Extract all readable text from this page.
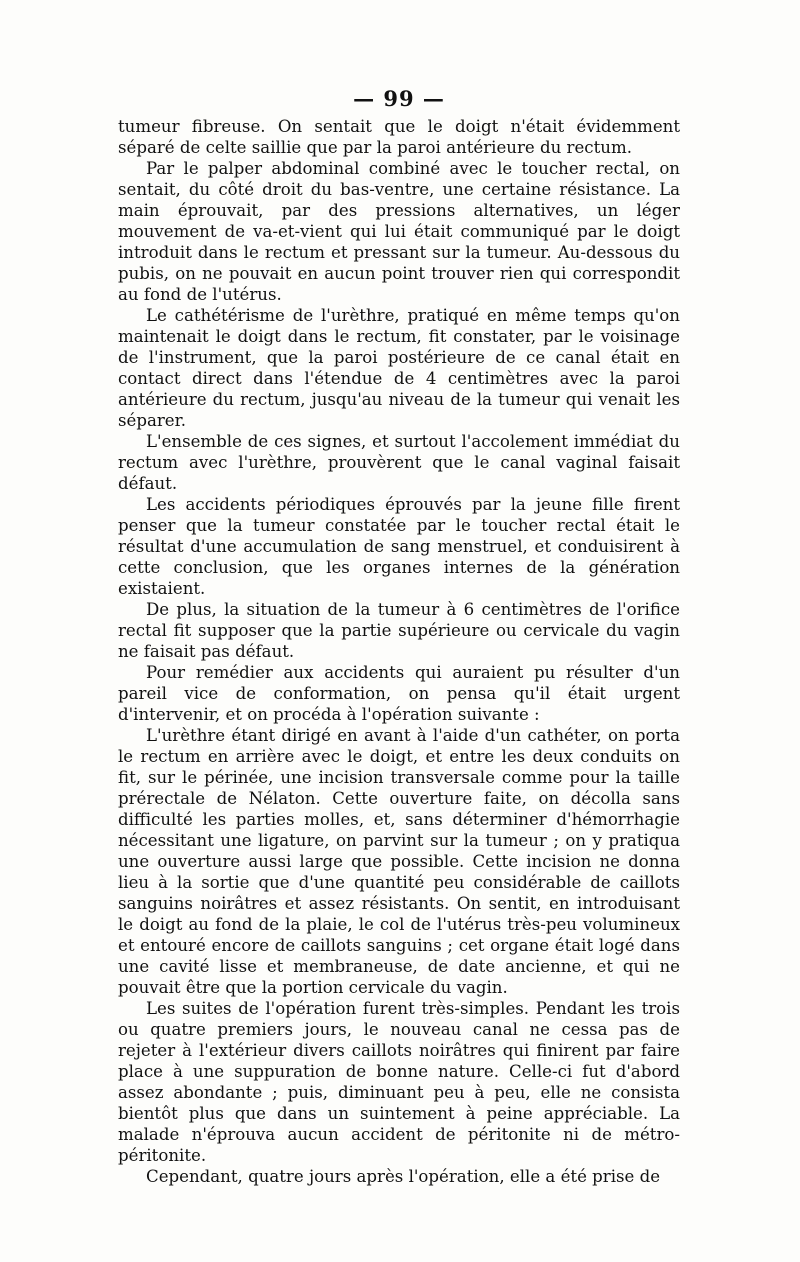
— 99 —

tumeur fibreuse. On sentait que le doigt n'était évidemment séparé de celte saillie que par la paroi antérieure du rectum.

Par le palper abdominal combiné avec le toucher rectal, on sentait, du côté droit du bas-ventre, une certaine résistance. La main éprouvait, par des pressions alternatives, un léger mouvement de va-et-vient qui lui était communiqué par le doigt introduit dans le rectum et pressant sur la tumeur. Au-dessous du pubis, on ne pouvait en aucun point trouver rien qui correspondit au fond de l'utérus.

Le cathétérisme de l'urèthre, pratiqué en même temps qu'on maintenait le doigt dans le rectum, fit constater, par le voisinage de l'instrument, que la paroi postérieure de ce canal était en contact direct dans l'étendue de 4 centimètres avec la paroi antérieure du rectum, jusqu'au niveau de la tumeur qui venait les séparer.

L'ensemble de ces signes, et surtout l'accolement immédiat du rectum avec l'urèthre, prouvèrent que le canal vaginal faisait défaut.

Les accidents périodiques éprouvés par la jeune fille firent penser que la tumeur constatée par le toucher rectal était le résultat d'une accumulation de sang menstruel, et conduisirent à cette conclusion, que les organes internes de la génération existaient.

De plus, la situation de la tumeur à 6 centimètres de l'orifice rectal fit supposer que la partie supérieure ou cervicale du vagin ne faisait pas défaut.

Pour remédier aux accidents qui auraient pu résulter d'un pareil vice de conformation, on pensa qu'il était urgent d'intervenir, et on procéda à l'opération suivante :

L'urèthre étant dirigé en avant à l'aide d'un cathéter, on porta le rectum en arrière avec le doigt, et entre les deux conduits on fit, sur le périnée, une incision transversale comme pour la taille prérectale de Nélaton. Cette ouverture faite, on décolla sans difficulté les parties molles, et, sans déterminer d'hémorrhagie nécessitant une ligature, on parvint sur la tumeur ; on y pratiqua une ouverture aussi large que possible. Cette incision ne donna lieu à la sortie que d'une quantité peu considérable de caillots sanguins noirâtres et assez résistants. On sentit, en introduisant le doigt au fond de la plaie, le col de l'utérus très-peu volumineux et entouré encore de caillots sanguins ; cet organe était logé dans une cavité lisse et membraneuse, de date ancienne, et qui ne pouvait être que la portion cervicale du vagin.

Les suites de l'opération furent très-simples. Pendant les trois ou quatre premiers jours, le nouveau canal ne cessa pas de rejeter à l'extérieur divers caillots noirâtres qui finirent par faire place à une suppuration de bonne nature. Celle-ci fut d'abord assez abondante ; puis, diminuant peu à peu, elle ne consista bientôt plus que dans un suintement à peine appréciable. La malade n'éprouva aucun accident de péritonite ni de métro-péritonite.

Cependant, quatre jours après l'opération, elle a été prise de
